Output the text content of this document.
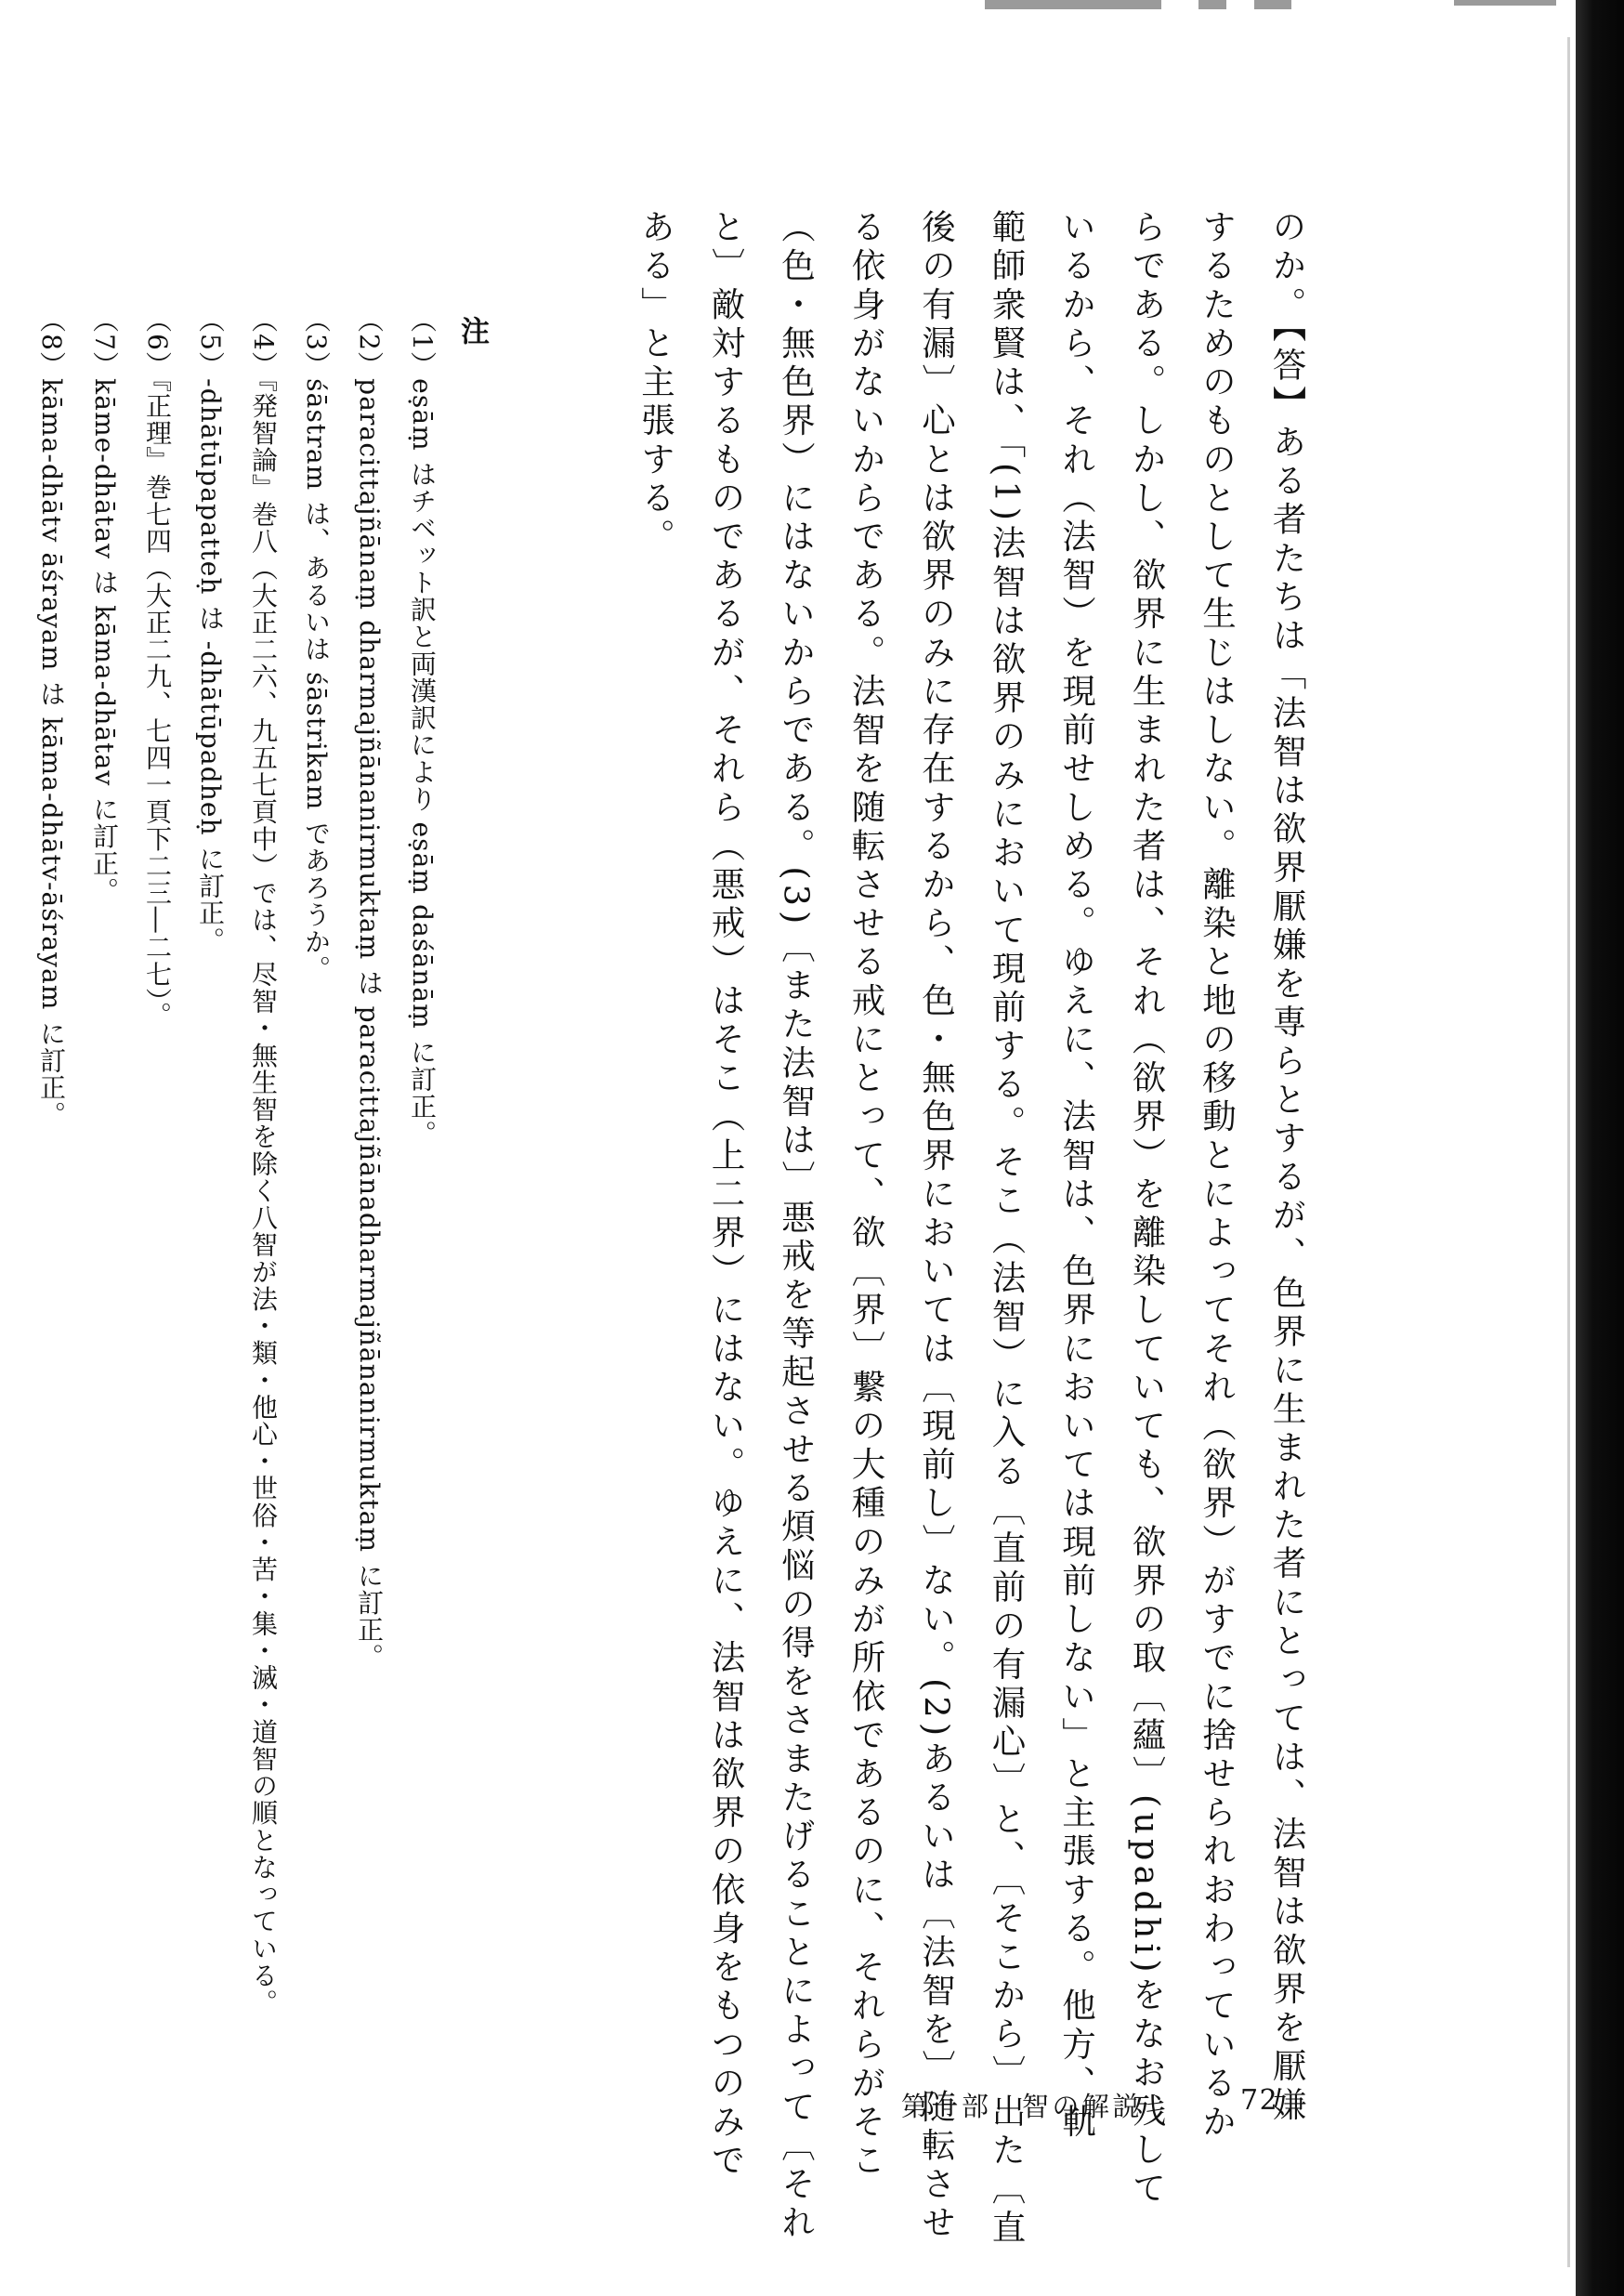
のか。【答】ある者たちは「法智は欲界厭嫌を専らとするが、色界に生まれた者にとっては、法智は欲界を厭嫌
するためのものとして生じはしない。離染と地の移動とによってそれ（欲界）がすでに捨せられおわっているか
らである。しかし、欲界に生まれた者は、それ（欲界）を離染していても、欲界の取〔蘊〕(upadhi)をなお残して
いるから、それ（法智）を現前せしめる。ゆえに、法智は、色界においては現前しない」と主張する。他方、軌
範師衆賢は、「(1)法智は欲界のみにおいて現前する。そこ（法智）に入る〔直前の有漏心〕と、〔そこから〕出た〔直
後の有漏〕心とは欲界のみに存在するから、色・無色界においては〔現前し〕ない。(2)あるいは〔法智を〕随転させ
る依身がないからである。法智を随転させる戒にとって、欲〔界〕繋の大種のみが所依であるのに、それらがそこ
（色・無色界）にはないからである。(3)〔また法智は〕悪戒を等起させる煩悩の得をさまたげることによって〔それ
と〕敵対するものであるが、それら（悪戒）はそこ（上二界）にはない。ゆえに、法智は欲界の依身をもつのみで
ある」と主張する。
注
（1）eṣāṃ はチベット訳と両漢訳により eṣāṃ daśānāṃ に訂正。
（2）paracittajñānaṃ dharmajñānanirmuktaṃ は paracittajñānadharmajñānanirmuktaṃ に訂正。
（3）śāstram は、あるいは śāstrikam であろうか。
（4）『発智論』巻八（大正二六、九五七頁中）では、尽智・無生智を除く八智が法・類・他心・世俗・苦・集・滅・道智の順となっている。
（5）-dhātūpapatteḥ は -dhātūpadheḥ に訂正。
（6）『正理』巻七四（大正二九、七四一頁下二三―二七）。
（7）kāme-dhātav は kāma-dhātav に訂正。
（8）kāma-dhātv āśrayam は kāma-dhātv-āśrayam に訂正。
第一部　智の解説	72
